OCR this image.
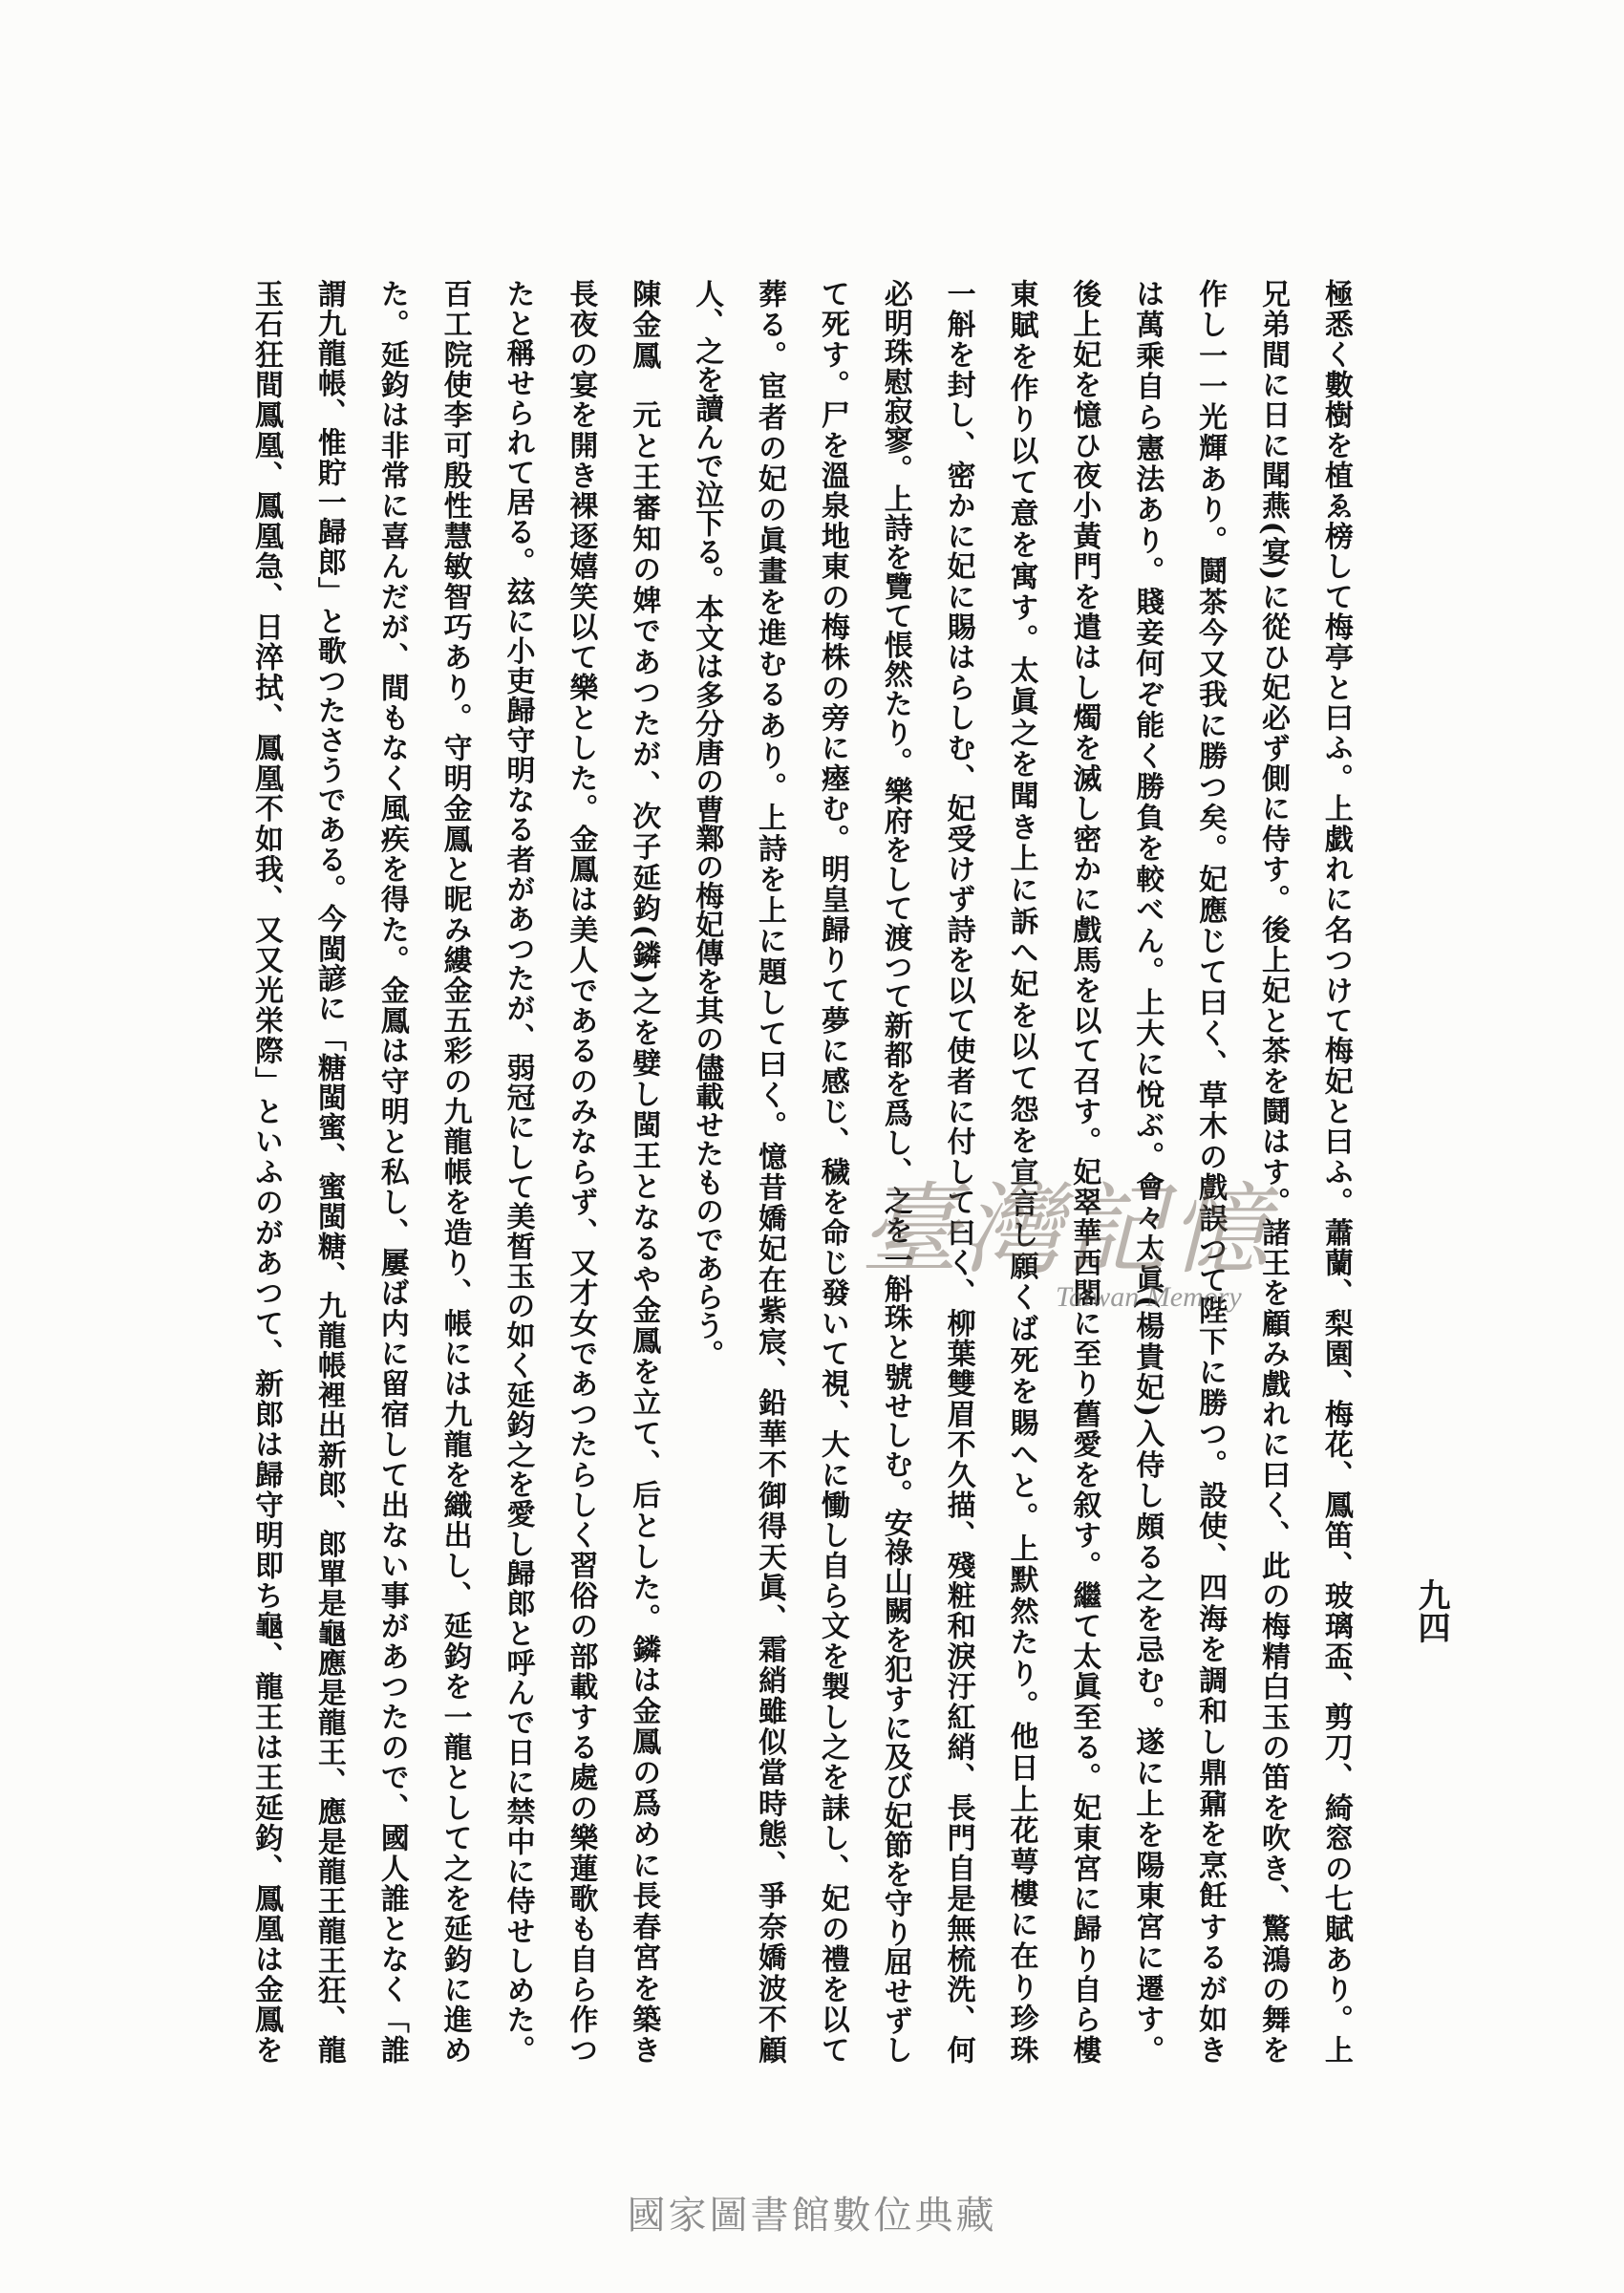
九四
極悉く數樹を植ゑ榜して梅亭と曰ふ。上戯れに名つけて梅妃と曰ふ。蕭蘭、梨園、梅花、鳳笛、玻璃盃、剪刀、綺窓の七賦あり。上
兄弟間に日に聞燕(宴)に從ひ妃必ず側に侍す。後上妃と茶を鬪はす。諸王を顧み戲れに曰く、此の梅精白玉の笛を吹き、驚鴻の舞を
作し一一光輝あり。鬪茶今又我に勝つ矣。妃應じて曰く、草木の戲誤つて陛下に勝つ。設使、四海を調和し鼎鼐を烹飪するが如き
は萬乘自ら憲法あり。賤妾何ぞ能く勝負を較べん。上大に悅ぶ。會々太眞(楊貴妃)入侍し頗る之を忌む。遂に上を陽東宮に遷す。
後上妃を憶ひ夜小黃門を遣はし燭を滅し密かに戲馬を以て召す。妃翠華西閣に至り舊愛を叙す。繼て太眞至る。妃東宮に歸り自ら樓
東賦を作り以て意を寓す。太眞之を聞き上に訴へ妃を以て怨を宣言し願くば死を賜へと。上默然たり。他日上花萼樓に在り珍珠
一斛を封し、密かに妃に賜はらしむ、妃受けず詩を以て使者に付して曰く、柳葉雙眉不久描、殘粧和淚汙紅綃、長門自是無梳洗、何
必明珠慰寂寥。上詩を覽て悵然たり。樂府をして渡つて新都を爲し、之を一斛珠と號せしむ。安祿山闕を犯すに及び妃節を守り屈せずし
て死す。尸を溫泉地東の梅株の旁に瘞む。明皇歸りて夢に感じ、穢を命じ發いて視、大に慟し自ら文を製し之を誄し、妃の禮を以て
葬る。宦者の妃の眞畫を進むるあり。上詩を上に題して曰く。憶昔嬌妃在紫宸、鉛華不御得天眞、霜綃雖似當時態、爭奈嬌波不顧
人、之を讀んで泣下る。本文は多分唐の曹鄴の梅妃傳を其の儘載せたものであらう。
陳金鳳元と王審知の婢であつたが、次子延鈞(鏻)之を嬖し閩王となるや金鳳を立て、后とした。鏻は金鳳の爲めに長春宮を築き
長夜の宴を開き裸逐嬉笑以て樂とした。金鳳は美人であるのみならず、又才女であつたらしく習俗の部載する處の樂蓮歌も自ら作つ
たと稱せられて居る。玆に小吏歸守明なる者があつたが、弱冠にして美皙玉の如く延鈞之を愛し歸郎と呼んで日に禁中に侍せしめた。
百工院使李可殷性慧敏智巧あり。守明金鳳と昵み縷金五彩の九龍帳を造り、帳には九龍を織出し、延鈞を一龍として之を延鈞に進め
た。延鈞は非常に喜んだが、間もなく風疾を得た。金鳳は守明と私し、屢ば内に留宿して出ない事があつたので、國人誰となく「誰
謂九龍帳、惟貯一歸郎」と歌つたさうである。今閩諺に「糖閩蜜、蜜閩糖、九龍帳裡出新郎、郎單是龜應是龍王、應是龍王龍王狂、龍
玉石狂間鳳凰、鳳凰急、日淬拭、鳳凰不如我、又又光栄際」といふのがあつて、新郎は歸守明即ち龜、龍王は王延鈞、鳳凰は金鳳を	臺灣記憶
Taiwan Memory
國家圖書館數位典藏
